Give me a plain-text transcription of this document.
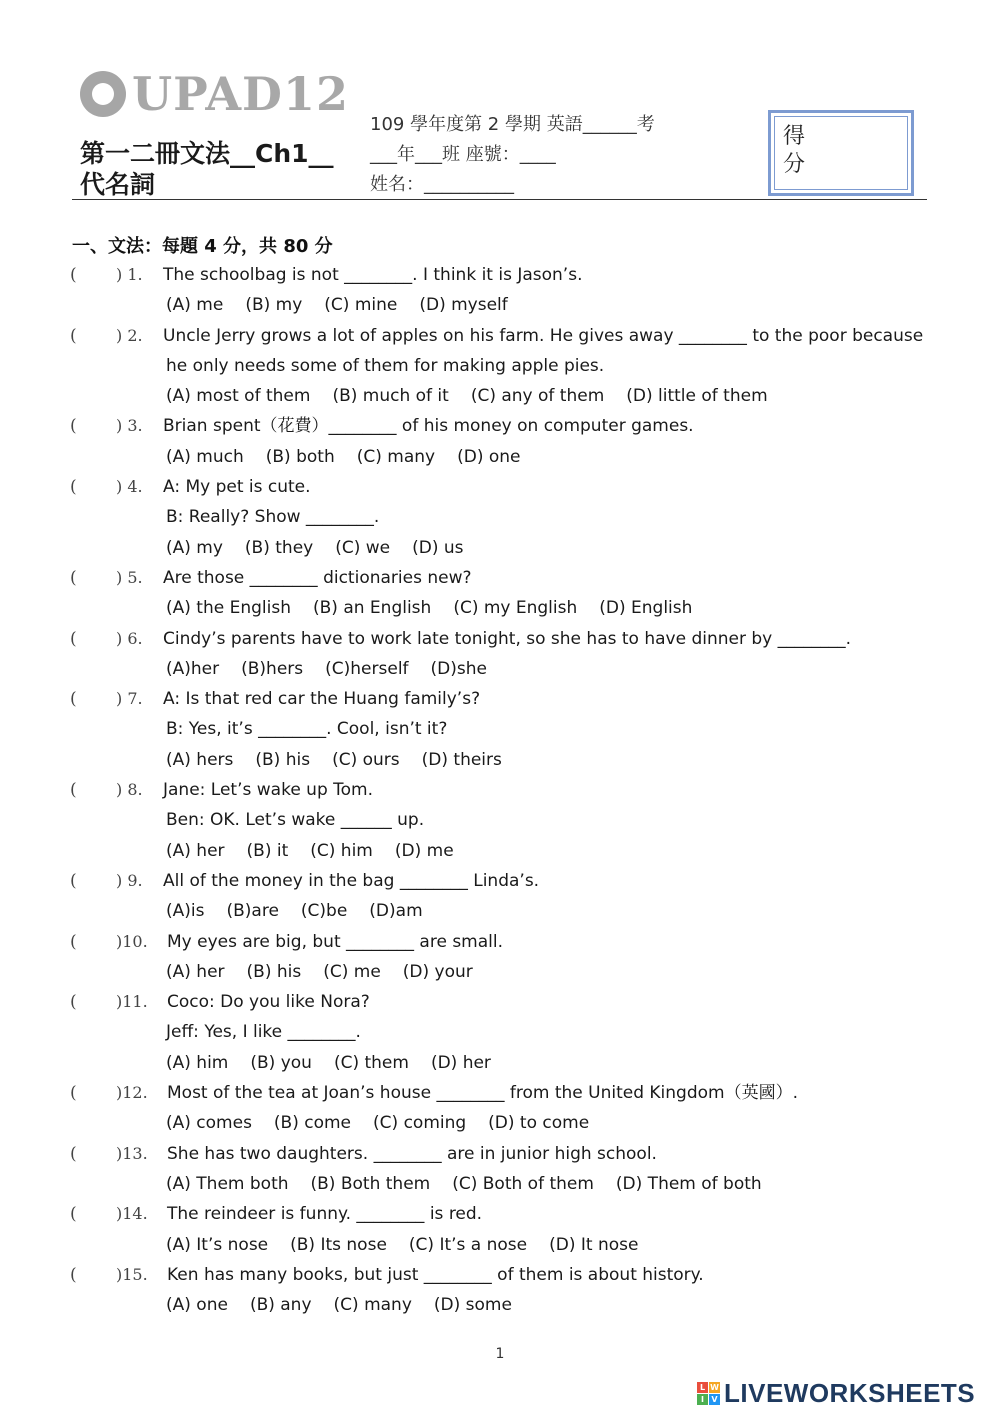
UPAD12
第一二冊文法__Ch1__
代名詞
109 學年度第 2 學期 英語______考
___年___班 座號：____
姓名：__________
得分
一、文法：每題 4 分，共 80 分
( ) 1. The schoolbag is not ________. I think it is Jason’s.
(A) me (B) my (C) mine (D) myself
( ) 2. Uncle Jerry grows a lot of apples on his farm. He gives away ________ to the poor because
he only needs some of them for making apple pies.
(A) most of them (B) much of it (C) any of them (D) little of them
( ) 3. Brian spent（花費）________ of his money on computer games.
(A) much (B) both (C) many (D) one
( ) 4. A: My pet is cute.
B: Really? Show ________.
(A) my (B) they (C) we (D) us
( ) 5. Are those ________ dictionaries new?
(A) the English (B) an English (C) my English (D) English
( ) 6. Cindy’s parents have to work late tonight, so she has to have dinner by ________.
(A)her (B)hers (C)herself (D)she
( ) 7. A: Is that red car the Huang family’s?
B: Yes, it’s ________. Cool, isn’t it?
(A) hers (B) his (C) ours (D) theirs
( ) 8. Jane: Let’s wake up Tom.
Ben: OK. Let’s wake ______ up.
(A) her (B) it (C) him (D) me
( ) 9. All of the money in the bag ________ Linda’s.
(A)is (B)are (C)be (D)am
( )10. My eyes are big, but ________ are small.
(A) her (B) his (C) me (D) your
( )11. Coco: Do you like Nora?
Jeff: Yes, I like ________.
(A) him (B) you (C) them (D) her
( )12. Most of the tea at Joan’s house ________ from the United Kingdom（英國）.
(A) comes (B) come (C) coming (D) to come
( )13. She has two daughters. ________ are in junior high school.
(A) Them both (B) Both them (C) Both of them (D) Them of both
( )14. The reindeer is funny. ________ is red.
(A) It’s nose (B) Its nose (C) It’s a nose (D) It nose
( )15. Ken has many books, but just ________ of them is about history.
(A) one (B) any (C) many (D) some
1
L W
I V LIVEWORKSHEETS
